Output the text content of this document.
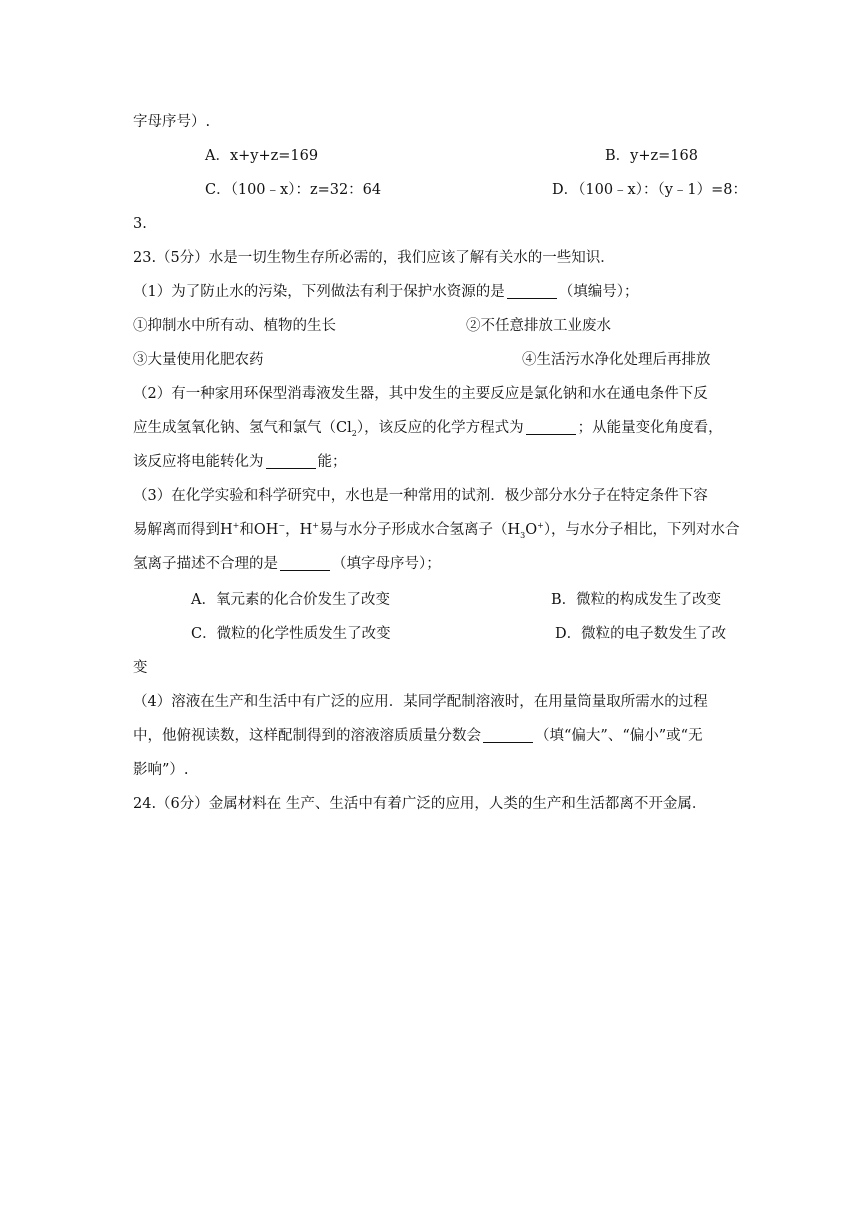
字母序号）.
A．x+y+z=169	B．y+z=168
C．（100﹣x）：z=32：64	D．（100﹣x）：（y﹣1）=8：
3.
23.（5分）水是一切生物生存所必需的，我们应该了解有关水的一些知识．
（1）为了防止水的污染，下列做法有利于保护水资源的是	（填编号）；
①抑制水中所有动、植物的生长	②不任意排放工业废水
③大量使用化肥农药	④生活污水净化处理后再排放
（2）有一种家用环保型消毒液发生器，其中发生的主要反应是氯化钠和水在通电条件下反
应生成氢氧化钠、氢气和氯气$(Cl_2)$，该反应的化学方程式为	；从能量变化角度看，
该反应将电能转化为	能；
（3）在化学实验和科学研究中，水也是一种常用的试剂．极少部分水分子在特定条件下容
易解离而得到H+和OH−，H+易与水分子形成水合氢离子$(H_3O^+)$，与水分子相比，下列对水合
氢离子描述不合理的是	（填字母序号）；
A．氧元素的化合价发生了改变	B．微粒的构成发生了改变
C．微粒的化学性质发生了改变	D．微粒的电子数发生了改
变
（4）溶液在生产和生活中有广泛的应用．某同学配制溶液时，在用量筒量取所需水的过程
中，他俯视读数，这样配制得到的溶液溶质质量分数会	（填“偏大”、“偏小”或“无
影响”）.
24.（6分）金属材料在 生产、生活中有着广泛的应用，人类的生产和生活都离不开金属．
